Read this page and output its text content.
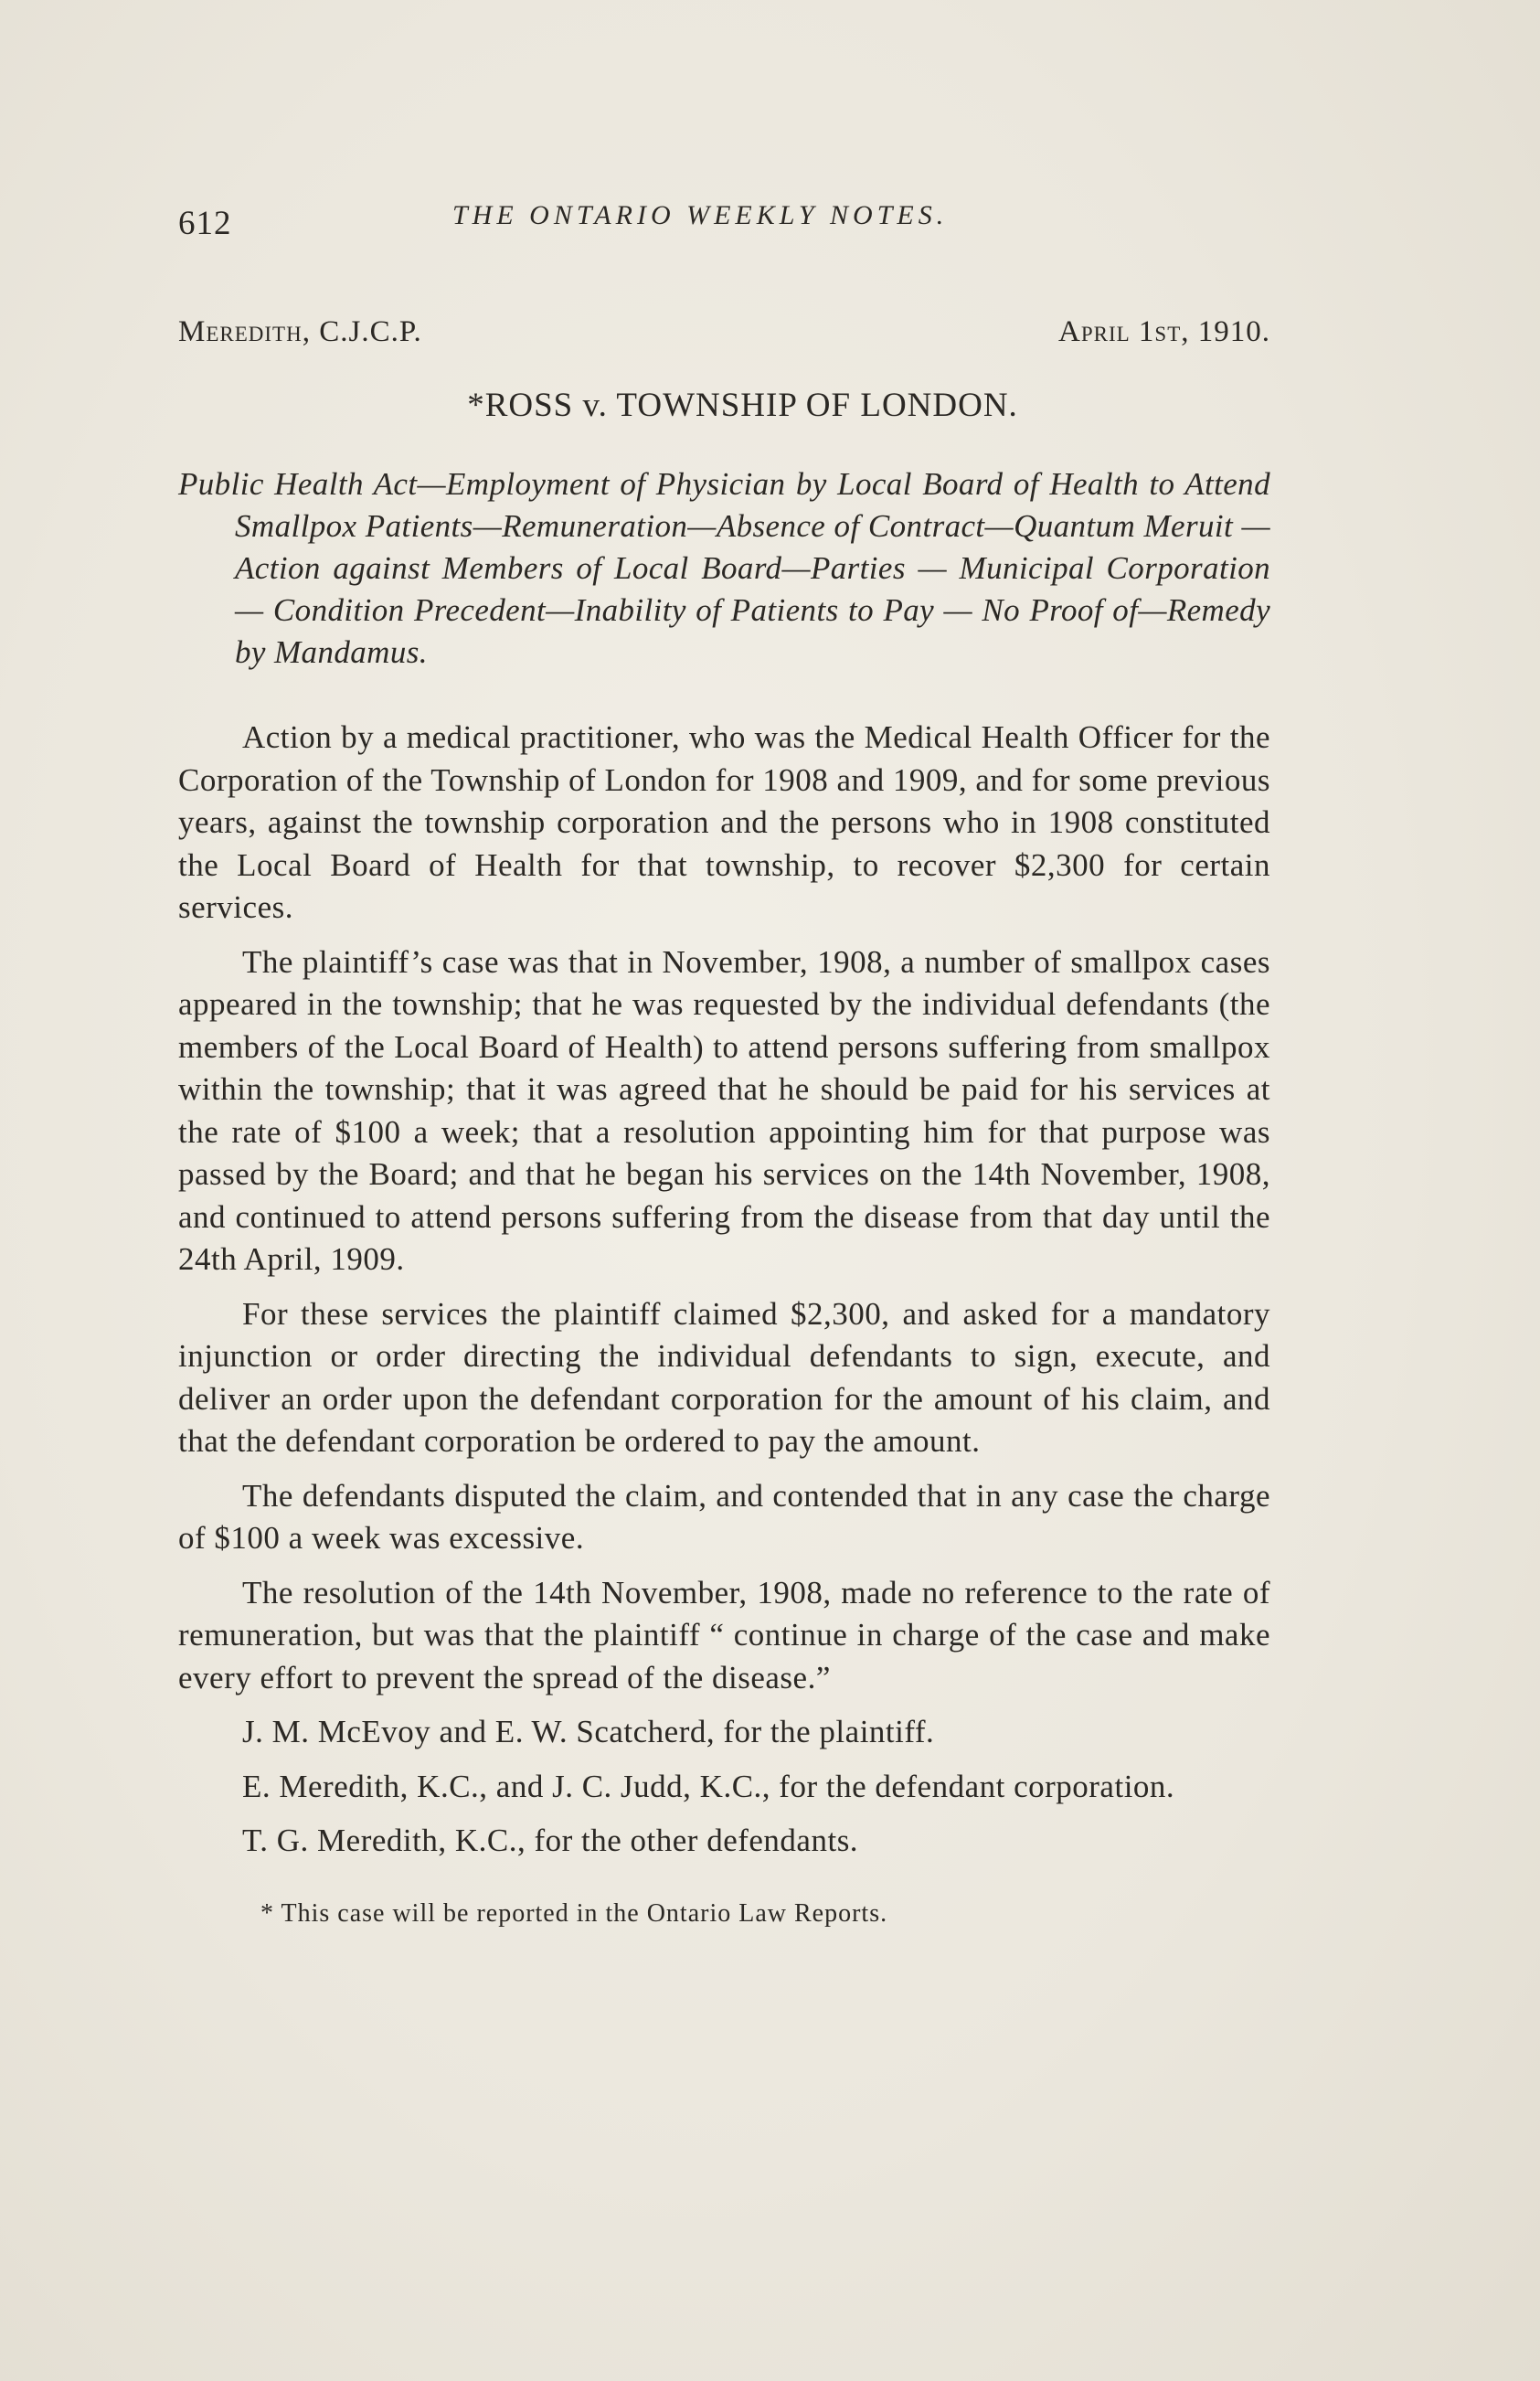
612	THE ONTARIO WEEKLY NOTES.
Meredith, C.J.C.P.	April 1st, 1910.
*ROSS v. TOWNSHIP OF LONDON.

Public Health Act—Employment of Physician by Local Board of Health to Attend Smallpox Patients—Remuneration—Absence of Contract—Quantum Meruit — Action against Members of Local Board—Parties — Municipal Corporation — Condition Precedent—Inability of Patients to Pay — No Proof of—Remedy by Mandamus.

Action by a medical practitioner, who was the Medical Health Officer for the Corporation of the Township of London for 1908 and 1909, and for some previous years, against the township corporation and the persons who in 1908 constituted the Local Board of Health for that township, to recover $2,300 for certain services.

The plaintiff’s case was that in November, 1908, a number of smallpox cases appeared in the township; that he was requested by the individual defendants (the members of the Local Board of Health) to attend persons suffering from smallpox within the township; that it was agreed that he should be paid for his services at the rate of $100 a week; that a resolution appointing him for that purpose was passed by the Board; and that he began his services on the 14th November, 1908, and continued to attend persons suffering from the disease from that day until the 24th April, 1909.

For these services the plaintiff claimed $2,300, and asked for a mandatory injunction or order directing the individual defendants to sign, execute, and deliver an order upon the defendant corporation for the amount of his claim, and that the defendant corporation be ordered to pay the amount.

The defendants disputed the claim, and contended that in any case the charge of $100 a week was excessive.

The resolution of the 14th November, 1908, made no reference to the rate of remuneration, but was that the plaintiff “ continue in charge of the case and make every effort to prevent the spread of the disease.”

J. M. McEvoy and E. W. Scatcherd, for the plaintiff.

E. Meredith, K.C., and J. C. Judd, K.C., for the defendant corporation.

T. G. Meredith, K.C., for the other defendants.

* This case will be reported in the Ontario Law Reports.
